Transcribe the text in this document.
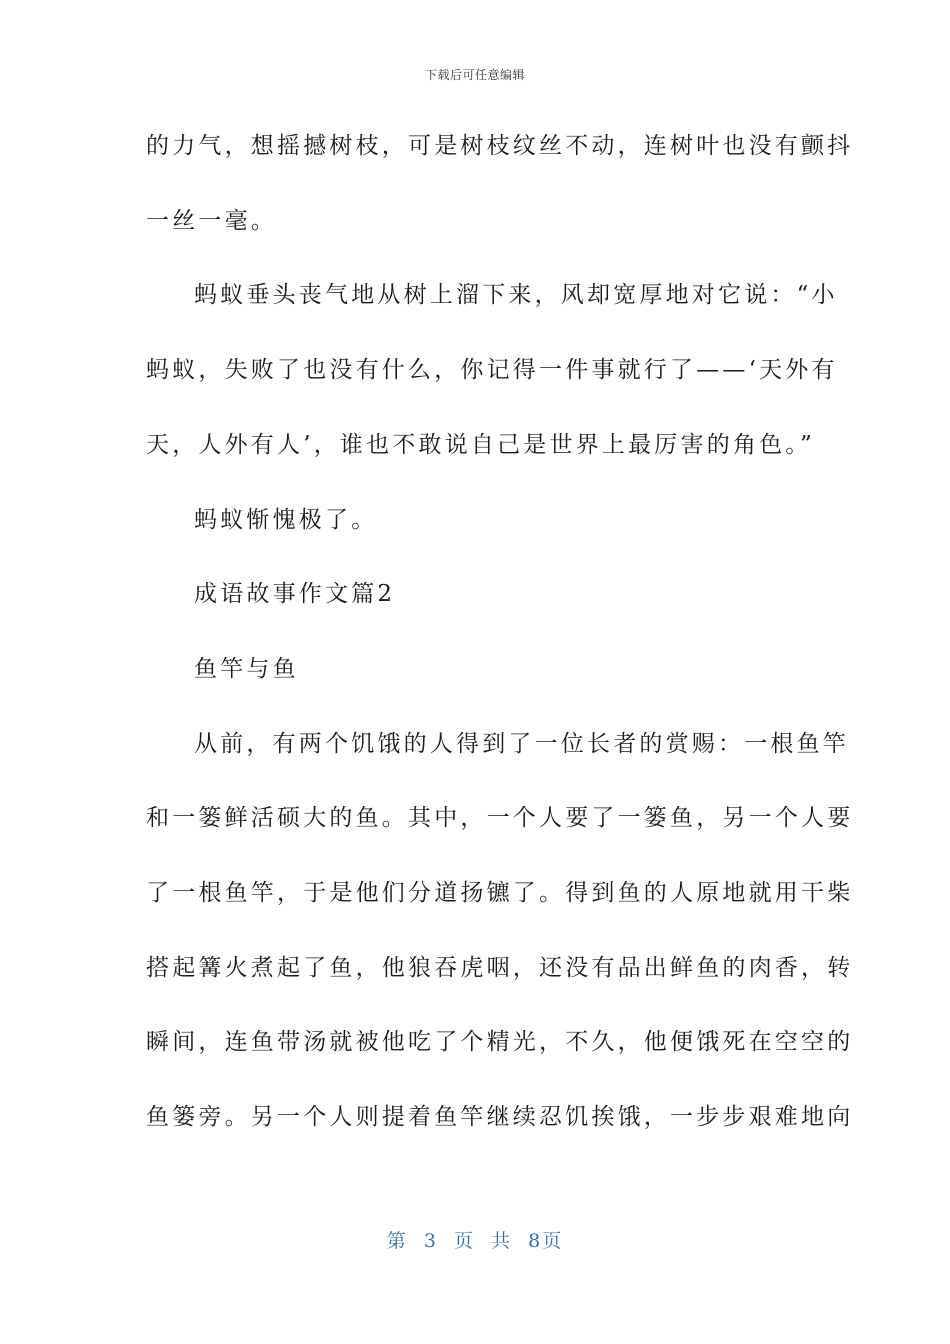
下载后可任意编辑
的力气，想摇撼树枝，可是树枝纹丝不动，连树叶也没有颤抖
一丝一毫。
蚂蚁垂头丧气地从树上溜下来，风却宽厚地对它说：“小
蚂蚁，失败了也没有什么，你记得一件事就行了——‘天外有
天，人外有人’，谁也不敢说自己是世界上最厉害的角色。”
蚂蚁惭愧极了。
成语故事作文篇2
鱼竿与鱼
从前，有两个饥饿的人得到了一位长者的赏赐：一根鱼竿
和一篓鲜活硕大的鱼。其中，一个人要了一篓鱼，另一个人要
了一根鱼竿，于是他们分道扬镳了。得到鱼的人原地就用干柴
搭起篝火煮起了鱼，他狼吞虎咽，还没有品出鲜鱼的肉香，转
瞬间，连鱼带汤就被他吃了个精光，不久，他便饿死在空空的
鱼篓旁。另一个人则提着鱼竿继续忍饥挨饿，一步步艰难地向
第 3 页 共 8页
